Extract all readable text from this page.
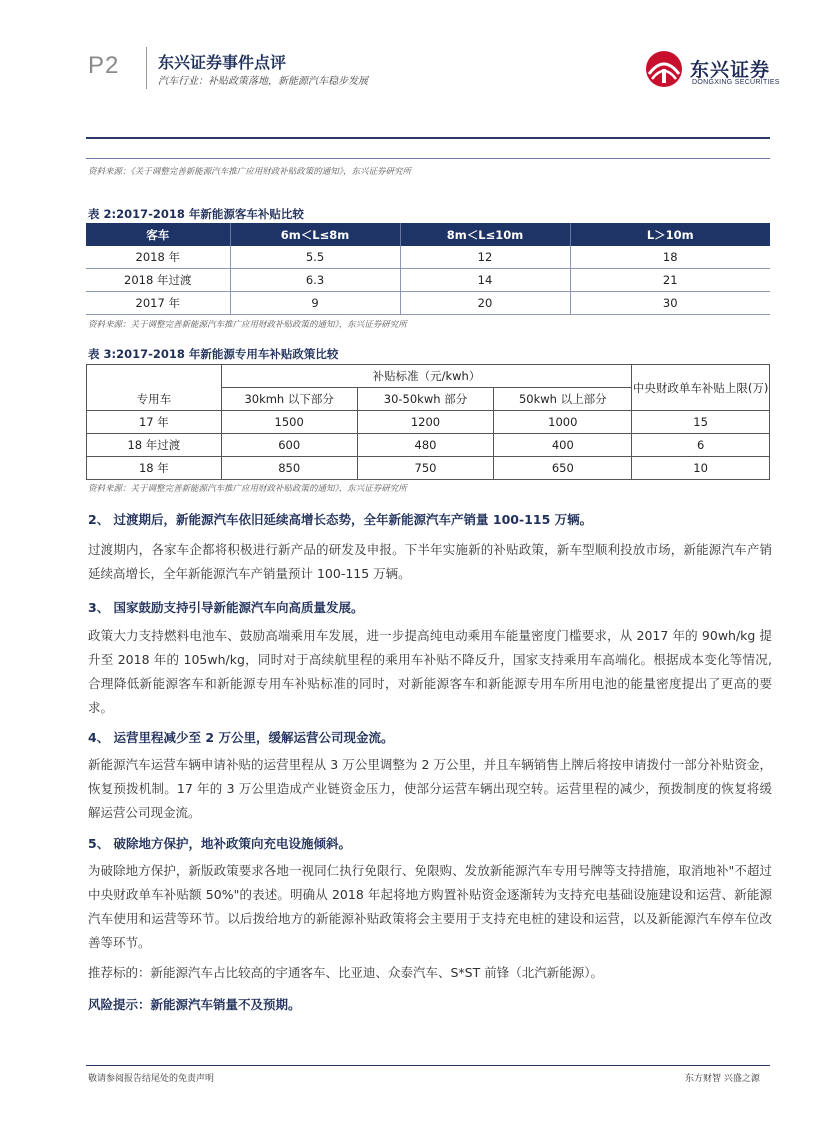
P2 东兴证券事件点评
汽车行业：补贴政策落地，新能源汽车稳步发展
东兴证券
DONGXING SECURITIES
资料来源：《关于调整完善新能源汽车推广应用财政补贴政策的通知》，东兴证券研究所
表 2:2017-2018 年新能源客车补贴比较
客车	6m＜L≤8m	8m＜L≤10m	L＞10m
2018 年	5.5	12	18
2018 年过渡	6.3	14	21
2017 年	9	20	30
资料来源：关于调整完善新能源汽车推广应用财政补贴政策的通知》，东兴证券研究所
表 3:2017-2018 年新能源专用车补贴政策比较
	补贴标准（元/kwh）			中央财政单车补贴上限(万)
专用车	30kmh 以下部分	30-50kwh 部分	50kwh 以上部分	
17 年	1500	1200	1000	15
18 年过渡	600	480	400	6
18 年	850	750	650	10
资料来源：关于调整完善新能源汽车推广应用财政补贴政策的通知》，东兴证券研究所
2、 过渡期后，新能源汽车依旧延续高增长态势，全年新能源汽车产销量 100-115 万辆。
过渡期内，各家车企都将积极进行新产品的研发及申报。下半年实施新的补贴政策，新车型顺利投放市场，新能源汽车产销延续高增长，全年新能源汽车产销量预计 100-115 万辆。
3、 国家鼓励支持引导新能源汽车向高质量发展。
政策大力支持燃料电池车、鼓励高端乘用车发展，进一步提高纯电动乘用车能量密度门槛要求，从 2017 年的 90wh/kg 提升至 2018 年的 105wh/kg，同时对于高续航里程的乘用车补贴不降反升，国家支持乘用车高端化。根据成本变化等情况,合理降低新能源客车和新能源专用车补贴标准的同时，对新能源客车和新能源专用车所用电池的能量密度提出了更高的要求。
4、 运营里程减少至 2 万公里，缓解运营公司现金流。
新能源汽车运营车辆申请补贴的运营里程从 3 万公里调整为 2 万公里，并且车辆销售上牌后将按申请拨付一部分补贴资金，恢复预拨机制。17 年的 3 万公里造成产业链资金压力，使部分运营车辆出现空转。运营里程的减少，预拨制度的恢复将缓解运营公司现金流。
5、 破除地方保护，地补政策向充电设施倾斜。
为破除地方保护，新版政策要求各地一视同仁执行免限行、免限购、发放新能源汽车专用号牌等支持措施，取消地补"不超过中央财政单车补贴额 50%"的表述。明确从 2018 年起将地方购置补贴资金逐渐转为支持充电基础设施建设和运营、新能源汽车使用和运营等环节。以后拨给地方的新能源补贴政策将会主要用于支持充电桩的建设和运营，以及新能源汽车停车位改善等环节。
推荐标的：新能源汽车占比较高的宇通客车、比亚迪、众泰汽车、S*ST 前锋（北汽新能源）。
风险提示：新能源汽车销量不及预期。
敬请参阅报告结尾处的免责声明	东方财智 兴盛之源
